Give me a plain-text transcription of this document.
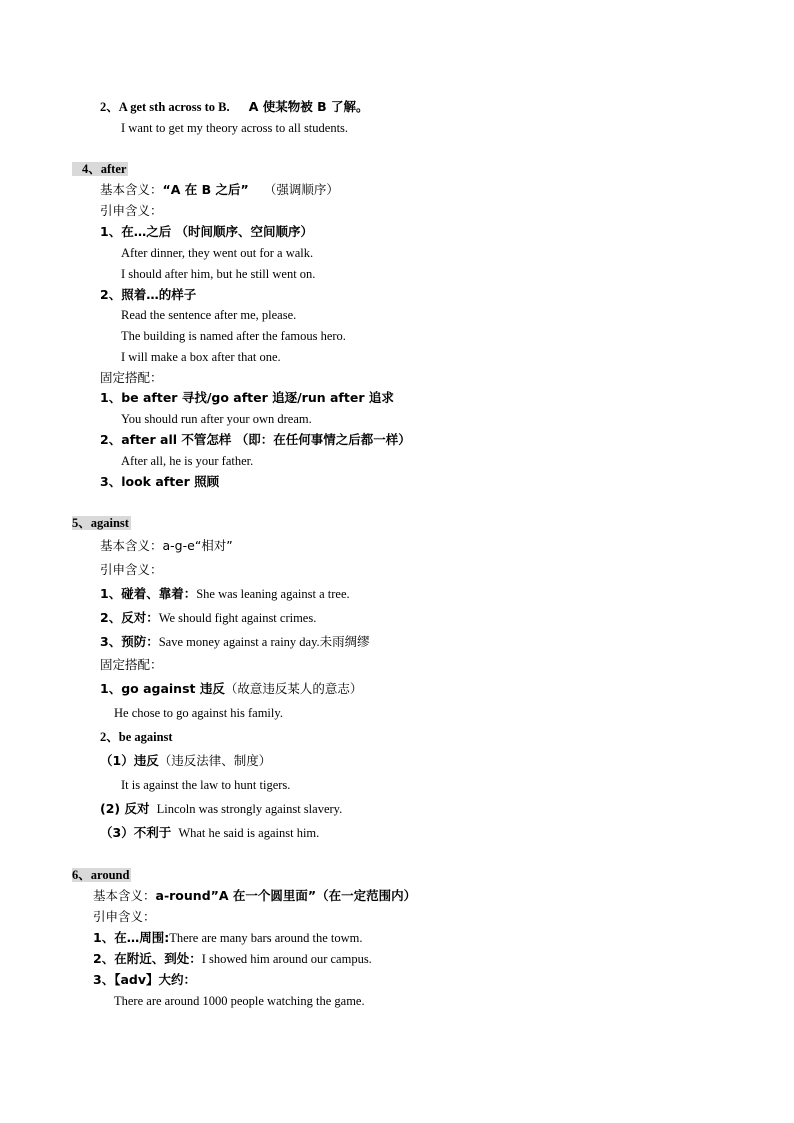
2、A get sth across to B. A 使某物被 B 了解。
I want to get my theory across to all students.
4、after
基本含义：“A 在 B 之后” （强调顺序）
引申含义：
1、在…之后 （时间顺序、空间顺序）
After dinner, they went out for a walk.
I should after him, but he still went on.
2、照着…的样子
Read the sentence after me, please.
The building is named after the famous hero.
I will make a box after that one.
固定搭配：
1、be after 寻找/go after 追逐/run after 追求
You should run after your own dream.
2、after all 不管怎样 （即：在任何事情之后都一样）
After all, he is your father.
3、look after 照顾
5、against
基本含义：a-g-e“相对”
引申含义：
1、碰着、靠着：She was leaning against a tree.
2、反对：We should fight against crimes.
3、预防：Save money against a rainy day.未雨绸缪
固定搭配：
1、go against 违反（故意违反某人的意志）
He chose to go against his family.
2、be against
（1）违反（违反法律、制度）
It is against the law to hunt tigers.
(2) 反对 Lincoln was strongly against slavery.
（3）不利于 What he said is against him.
6、around
基本含义：a-round”A 在一个圆里面”（在一定范围内）
引申含义：
1、在…周围:There are many bars around the towm.
2、在附近、到处：I showed him around our campus.
3、【adv】大约：
There are around 1000 people watching the game.
